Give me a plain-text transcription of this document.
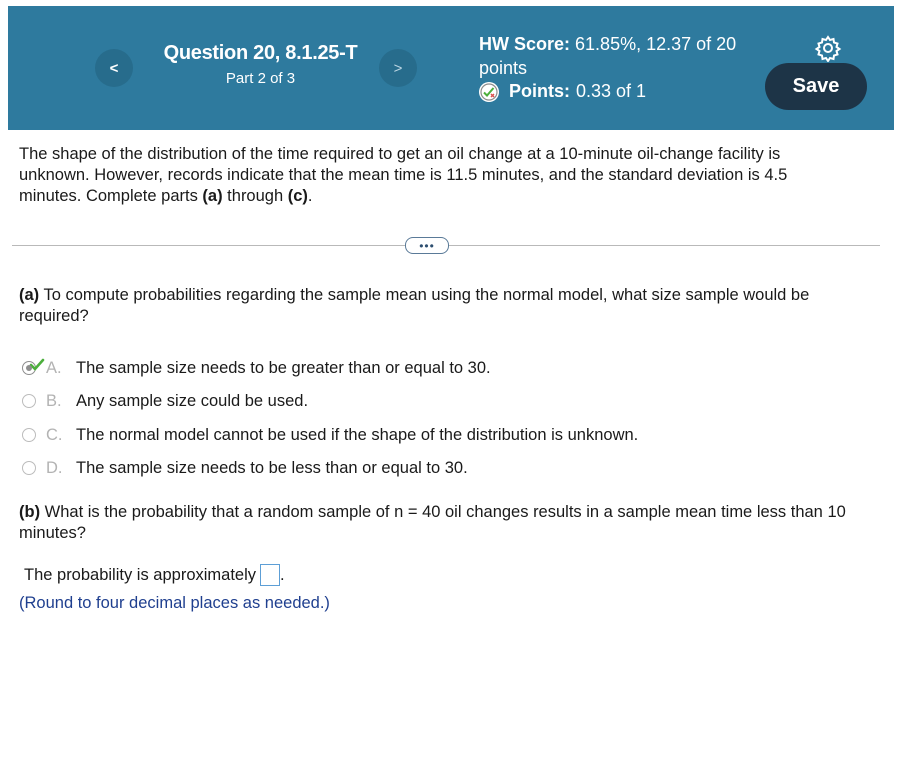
<
Question 20, 8.1.25-T
Part 2 of 3
>
HW Score: 61.85%, 12.37 of 20 points
Points: 0.33 of 1	Save
The shape of the distribution of the time required to get an oil change at a 10-minute oil-change facility is unknown. However, records indicate that the mean time is 11.5 minutes, and the standard deviation is 4.5 minutes. Complete parts (a) through (c).
•••
(a) To compute probabilities regarding the sample mean using the normal model, what size sample would be required?
A. The sample size needs to be greater than or equal to 30.
B. Any sample size could be used.
C. The normal model cannot be used if the shape of the distribution is unknown.
D. The sample size needs to be less than or equal to 30.
(b) What is the probability that a random sample of n = 40 oil changes results in a sample mean time less than 10 minutes?
The probability is approximately .
(Round to four decimal places as needed.)
